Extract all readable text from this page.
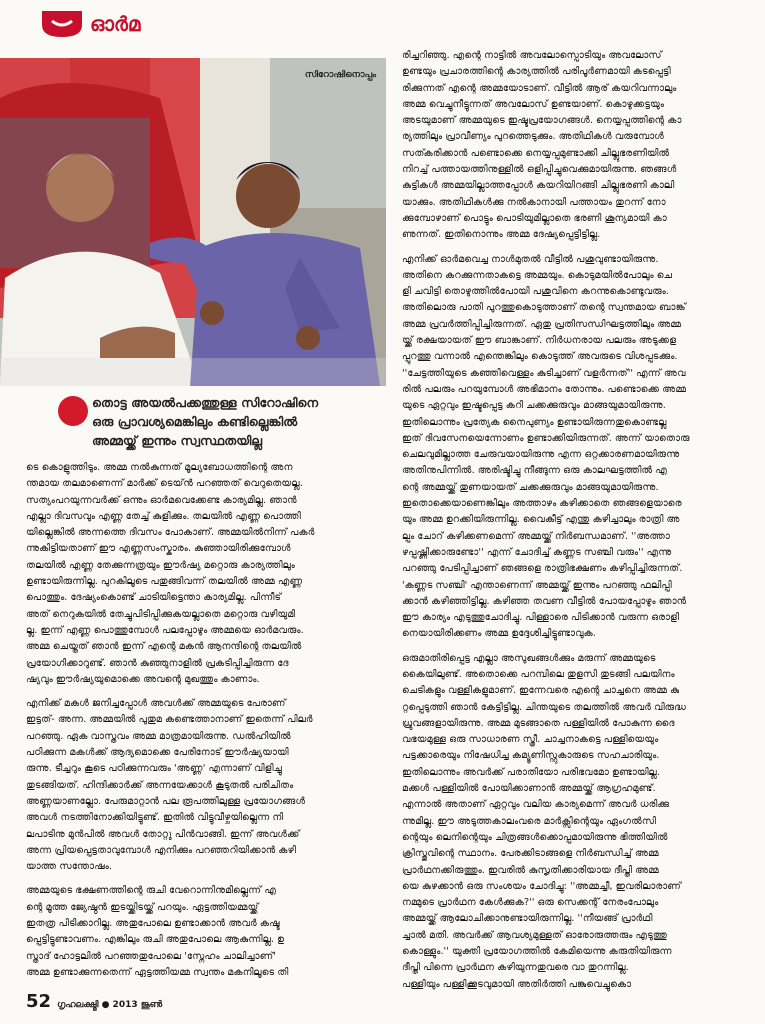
ഓർമ
സിറോഷിനൊപ്പം
തൊട്ട അയൽപക്കത്തുള്ള സിറോഷിനെ
ഒരു പ്രാവശ്യമെങ്കിലും കണ്ടില്ലെങ്കിൽ
അമ്മയ്ക്ക് ഇന്നും സ്വസ്ഥതയില്ല

ടെ കൊളുത്തിടും. അമ്മ നൽകുന്നത് മൂല്യബോധത്തിന്റെ അന

ന്തമായ തലമാണെന്ന് മാർക്ക് ടെയ്ൻ പറഞ്ഞത് വെറുതെയല്ല.

സത്യംപറയുന്നവർക്ക് ഒന്നും ഓർമവെക്കേണ്ട കാര്യമില്ല. ഞാൻ

എല്ലാ ദിവസവും എണ്ണ തേച്ച് കുളിക്കും. തലയിൽ എണ്ണ പൊത്തി

യില്ലെങ്കിൽ അന്നത്തെ ദിവസം പോകാണ്. അമ്മയിൽനിന്ന് പകർ

ന്നുകിട്ടിയതാണ് ഈ എണ്ണസംസ്കാരം. കുഞ്ഞായിരിക്കുമ്പോൾ

തലയിൽ എണ്ണ തേക്കുന്നത്രയും ഈർഷ്യ മറ്റൊരു കാര്യത്തിലും

ഉണ്ടായിരുന്നില്ല. പുറകിലൂടെ പതുങ്ങിവന്ന് തലയിൽ അമ്മ എണ്ണ

പൊത്തും. ദേഷ്യംകൊണ്ട് ചാടിയിട്ടെന്താ കാര്യമില്ല. പിന്നീട്

അത് നെറുകയിൽ തേച്ചുപിടിപ്പിക്കുകയല്ലാതെ മറ്റൊരു വഴിയുമി

ല്ല. ഇന്ന് എണ്ണ പൊത്തുമ്പോൾ പലപ്പോഴും അമ്മയെ ഓർമവരും.

അമ്മ ചെയ്തത് ഞാൻ ഇന്ന് എന്റെ മകൻ ആനന്ദിന്റെ തലയിൽ

പ്രയോഗിക്കാറുണ്ട്. ഞാൻ കുഞ്ഞുനാളിൽ പ്രകടിപ്പിച്ചിരുന്ന ദേ

ഷ്യവും ഈർഷ്യയുമൊക്കെ അവന്റെ മുഖത്തും കാണാം.

എനിക്ക് മകൾ ജനിച്ചപ്പോൾ അവൾക്ക് അമ്മയുടെ പേരാണ്

ഇട്ടത്- അന്ന. അമ്മയിൽ പുതുമ കണ്ടെത്താനാണ് ഇതെന്ന് പിലർ

പറഞ്ഞു. ഏക വാസ്തവം അമ്മ മാത്രമായിരുന്നു. ഡൽഹിയിൽ

പഠിക്കുന്ന മകൾക്ക് ആദ്യമൊക്കെ പേരിനോട് ഈർഷ്യയായി

രുന്നു. ടീച്ചറും കൂടെ പഠിക്കുന്നവരും 'അണ്ണ' എന്നാണ് വിളിച്ചു

തുടങ്ങിയത്. ഹിന്ദിക്കാർക്ക് അന്നയേക്കാൾ കൂടുതൽ പരിചിതം

അണ്ണയാണല്ലോ. പേരുമാറ്റാൻ പല രൂപത്തിലുള്ള പ്രയോഗങ്ങൾ

അവൾ നടത്തിനോക്കിയിട്ടുണ്ട്. ഇതിൽ വിട്ടുവീഴ്ചയില്ലെന്ന നി

ലപാടിനു മുൻപിൽ അവൾ തോറ്റു പിൻവാങ്ങി. ഇന്ന് അവൾക്ക്

അന്ന പ്രിയപ്പെട്ടതാവുമ്പോൾ എനിക്കും പറഞ്ഞറിയിക്കാൻ കഴി

യാത്ത സന്തോഷം.

അമ്മയുടെ ഭക്ഷണത്തിന്റെ രുചി വേറൊന്നിനുമില്ലെന്ന് എ

ന്റെ മൂത്ത ജ്യേഷ്ഠൻ ഇടയ്ക്കിടയ്ക്ക് പറയും. ഏട്ടത്തിയമ്മയ്ക്ക്

ഇതത്ര പിടിക്കാറില്ല. അതുപോലെ ഉണ്ടാക്കാൻ അവർ കഷ്ട

പ്പെട്ടിട്ടുണ്ടാവണം. എങ്കിലും രുചി അതുപോലെ ആകുന്നില്ല. ഉ

സ്താദ് ഹോട്ടലിൽ പറഞ്ഞതുപോലെ 'സ്നേഹം ചാലിച്ചാണ്'

അമ്മ ഉണ്ടാക്കുന്നതെന്ന് ഏട്ടത്തിയമ്മ സ്വന്തം മകനിലൂടെ തി

രിച്ചറിഞ്ഞു. എന്റെ നാട്ടിൽ അവലോസ്പൊടിയും അവലോസ്

ഉണ്ടയും പ്രചാരത്തിന്റെ കാര്യത്തിൽ പരിപൂർണമായി കടപ്പെട്ടി

രിക്കുന്നത് എന്റെ അമ്മയോടാണ്. വീട്ടിൽ ആര് കയറിവന്നാലും

അമ്മ വെച്ചുനീട്ടുന്നത് അവലോസ് ഉണ്ടയാണ്. കൊഴുക്കട്ടയും

അടയുമാണ് അമ്മയുടെ ഇഷ്ടപ്രയോഗങ്ങൾ. നെയ്യപ്പത്തിന്റെ കാ

ര്യത്തിലും പ്രാവീണ്യം പുറത്തെടുക്കും. അതിഥികൾ വരുമ്പോൾ

സത്കരിക്കാൻ പണ്ടൊക്കെ നെയ്യപ്പമുണ്ടാക്കി ചില്ലുഭരണിയിൽ

നിറച്ച് പത്തായത്തിനുള്ളിൽ ഒളിപ്പിച്ചുവെക്കുമായിരുന്നു. ഞങ്ങൾ

കുട്ടികൾ അമ്മയില്ലാത്തപ്പോൾ കയറിയിറങ്ങി ചില്ലുഭരണി കാലി

യാക്കും. അതിഥികൾക്കു നൽകാനായി പത്തായം തുറന്ന് നോ

ക്കുമ്പോഴാണ് പൊട്ടും പൊടിയുമില്ലാതെ ഭരണി ശൂന്യമായി കാ

ണുന്നത്. ഇതിനൊന്നും അമ്മ ദേഷ്യപ്പെട്ടിട്ടില്ല.

എനിക്ക് ഓർമവെച്ച നാൾമുതൽ വീട്ടിൽ പശുവുണ്ടായിരുന്നു.

അതിനെ കറക്കുന്നതാകട്ടെ അമ്മയും. കൊടുമയിൽപോലും ചെ

ളി ചവിട്ടി തൊഴുത്തിൽപോയി പശുവിനെ കറന്നുകൊണ്ടുവരും.

അതിലൊരു പാതി പുറത്തുകൊടുത്താണ് തന്റെ സ്വന്തമായ ബാങ്ക്

അമ്മ പ്രവർത്തിപ്പിച്ചിരുന്നത്. ഏതു പ്രതിസന്ധിഘട്ടത്തിലും അമ്മ

യ്ക്ക് രക്ഷയായത് ഈ ബാങ്കാണ്. നിർധനരായ പലരും അടുക്കള

പ്പുറത്തു വന്നാൽ എന്തെങ്കിലും കൊടുത്ത് അവരുടെ വിശപ്പടക്കും.

''ചേട്ടത്തിയുടെ കഞ്ഞിവെള്ളം കുടിച്ചാണ് വളർന്നത്'' എന്ന് അവ

രിൽ പലരും പറയുമ്പോൾ അഭിമാനം തോന്നും. പണ്ടൊക്കെ അമ്മ

യുടെ ഏറ്റവും ഇഷ്ടപ്പെട്ട കറി ചക്കക്കുരുവും മാങ്ങയുമായിരുന്നു.

ഇതിലൊന്നും പ്രത്യേക നൈപുണ്യം ഉണ്ടായിരുന്നതുകൊണ്ടല്ല

ഇത് ദിവസേനയെന്നോണം ഉണ്ടാക്കിയിരുന്നത്. അന്ന് യാതൊരു

ചെലവുമില്ലാത്ത ചേരുവയായിരുന്നു എന്ന ഒറ്റക്കാരണമായിരുന്നു

അതിനുപിന്നിൽ. അരിഷ്ടിച്ചു നീങ്ങുന്ന ഒരു കാലഘട്ടത്തിൽ എ

ന്റെ അമ്മയ്ക്ക് തുണയായത് ചക്കക്കുരുവും മാങ്ങയുമായിരുന്നു.

ഇതൊക്കെയാണെങ്കിലും അത്താഴം കഴിക്കാതെ ഞങ്ങളെയാരെ

യും അമ്മ ഉറക്കിയിരുന്നില്ല. വൈകീട്ട് എന്തു കഴിച്ചാലും രാത്രി അ

ല്പം ചോറ് കഴിക്കണമെന്ന് അമ്മയ്ക്ക് നിർബന്ധമാണ്. ''അത്താ

ഴപ്പഷ്ണിക്കാരുണ്ടോ'' എന്ന് ചോദിച്ച് കണ്ണട സഞ്ചി വരും'' എന്നു

പറഞ്ഞു പേടിപ്പിച്ചാണ് ഞങ്ങളെ രാത്രിഭക്ഷണം കഴിപ്പിച്ചിരുന്നത്.

'കണ്ണട സഞ്ചി' എന്താണെന്ന് അമ്മയ്ക്ക് ഇന്നും പറഞ്ഞു ഫലിപ്പി

ക്കാൻ കഴിഞ്ഞിട്ടില്ല. കഴിഞ്ഞ തവണ വീട്ടിൽ പോയപ്പോഴും ഞാൻ

ഈ കാര്യം എടുത്തുചോദിച്ചു. പിള്ളാരെ പിടിക്കാൻ വരുന്ന ഒരാളി

നെയായിരിക്കണം അമ്മ ഉദ്ദേശിച്ചിട്ടുണ്ടാവുക.

ഒരുമാതിരിപ്പെട്ട എല്ലാ അസുഖങ്ങൾക്കും മരുന്ന് അമ്മയുടെ

കൈയിലുണ്ട്. അതൊക്കെ പറമ്പിലെ തുളസി തുടങ്ങി പലയിനം

ചെടികളും വള്ളികളുമാണ്. ഇന്നേവരെ എന്റെ ചാച്ചനെ അമ്മ കു

റ്റപ്പെടുത്തി ഞാൻ കേട്ടിട്ടില്ല. ചിന്തയുടെ തലത്തിൽ അവർ വിരുദ്ധ

ധ്രുവങ്ങളായിരുന്നു. അമ്മ മുടങ്ങാതെ പള്ളിയിൽ പോകുന്ന ദൈ

വഭയമുള്ള ഒരു സാധാരണ സ്ത്രീ. ചാച്ചനാകട്ടെ പള്ളിയെയും

പട്ടക്കാരെയും നിഷേധിച്ച കമ്യൂണിസ്റ്റുകാരുടെ സഹചാരിയും.

ഇതിലൊന്നും അവർക്ക് പരാതിയോ പരിഭവമോ ഉണ്ടായില്ല.

മക്കൾ പള്ളിയിൽ പോയിക്കാണാൻ അമ്മയ്ക്ക് ആഗ്രഹമുണ്ട്.

എന്നാൽ അതാണ് ഏറ്റവും വലിയ കാര്യമെന്ന് അവർ ധരിക്കു

ന്നുമില്ല. ഈ അടുത്തകാലംവരെ മാർക്സിന്റെയും ഏംഗൽസി

ന്റെയും ലെനിന്റെയും ചിത്രങ്ങൾക്കൊപ്പമായിരുന്നു ഭിത്തിയിൽ

ക്രിസ്തുവിന്റെ സ്ഥാനം. പേരക്കിടാങ്ങളെ നിർബന്ധിച്ച് അമ്മ

പ്രാർഥനക്കിരുത്തും. ഇവരിൽ കുസൃതിക്കാരിയായ ദീപ്തി അമ്മ

യെ കുഴക്കാൻ ഒരു സംശയം ചോദിച്ചു: ''അമ്മച്ചീ, ഇവരിലാരാണ്

നമ്മുടെ പ്രാർഥന കേൾക്കുക?'' ഒരു സെക്കന്റ് നേരംപോലും

അമ്മയ്ക്ക് ആലോചിക്കാനുണ്ടായിരുന്നില്ല. ''നീയങ്ങ് പ്രാർഥി

ച്ചാൽ മതി. അവർക്ക് ആവശ്യമുള്ളത് ഓരോരുത്തരും എടുത്തു

കൊള്ളും.'' യുക്തി പ്രയോഗത്തിൽ കേമിയെന്നു കരുതിയിരുന്ന

ദീപ്തി പിന്നെ പ്രാർഥന കഴിയുന്നതുവരെ വാ തുറന്നില്ല.

പള്ളിയും പള്ളിക്കൂടവുമായി അതിർത്തി പങ്കുവെച്ചുകൊ

52 ഗൃഹലക്ഷ്മി ● 2013 ജൂൺ
